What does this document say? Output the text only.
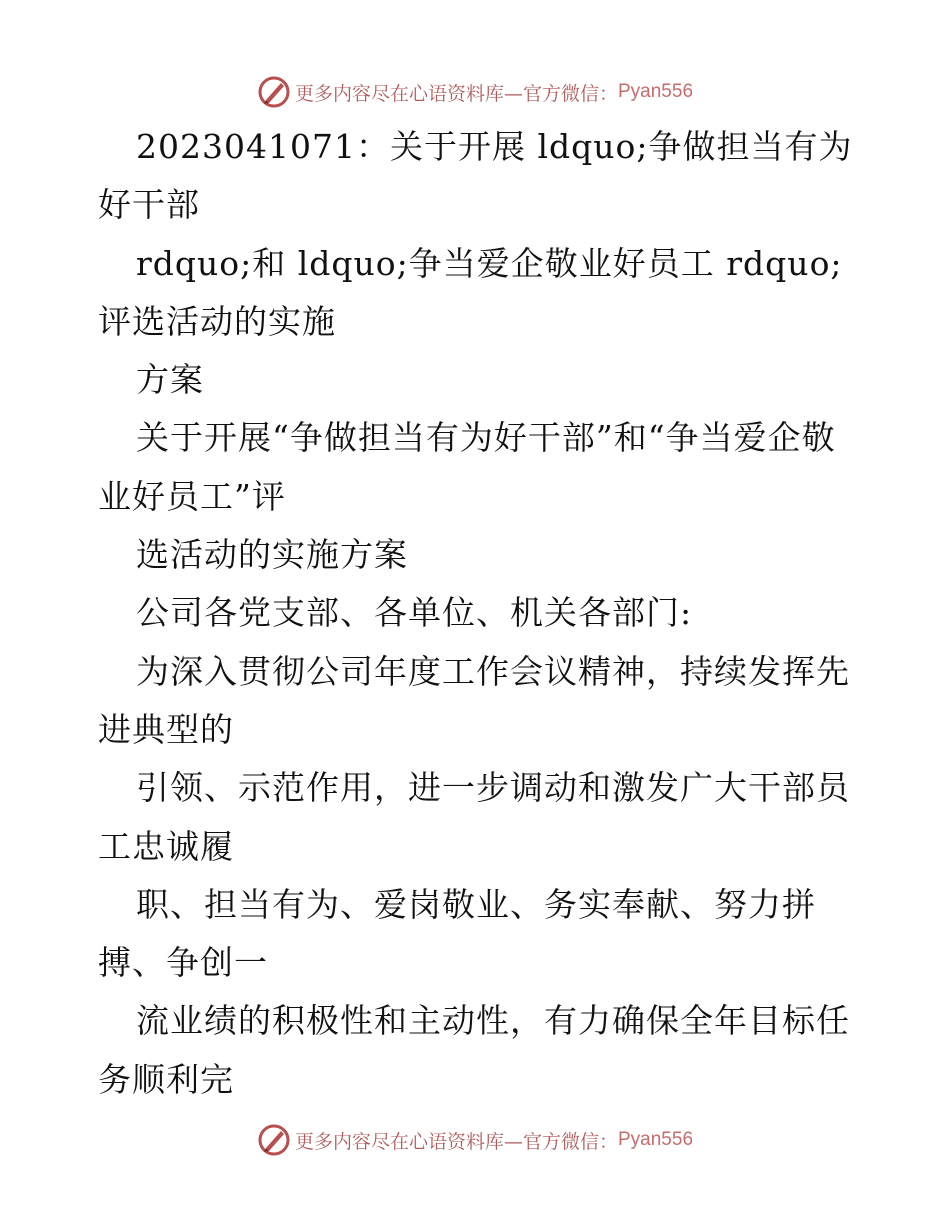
更多内容尽在心语资料库—官方微信： Pyan556

2023041071：关于开展 ldquo;争做担当有为好干部

rdquo;和 ldquo;争当爱企敬业好员工 rdquo;评选活动的实施

方案

关于开展“争做担当有为好干部”和“争当爱企敬业好员工”评

选活动的实施方案

公司各党支部、各单位、机关各部门:

为深入贯彻公司年度工作会议精神，持续发挥先进典型的

引领、示范作用，进一步调动和激发广大干部员工忠诚履

职、担当有为、爱岗敬业、务实奉献、努力拼搏、争创一

流业绩的积极性和主动性，有力确保全年目标任务顺利完

更多内容尽在心语资料库—官方微信： Pyan556
